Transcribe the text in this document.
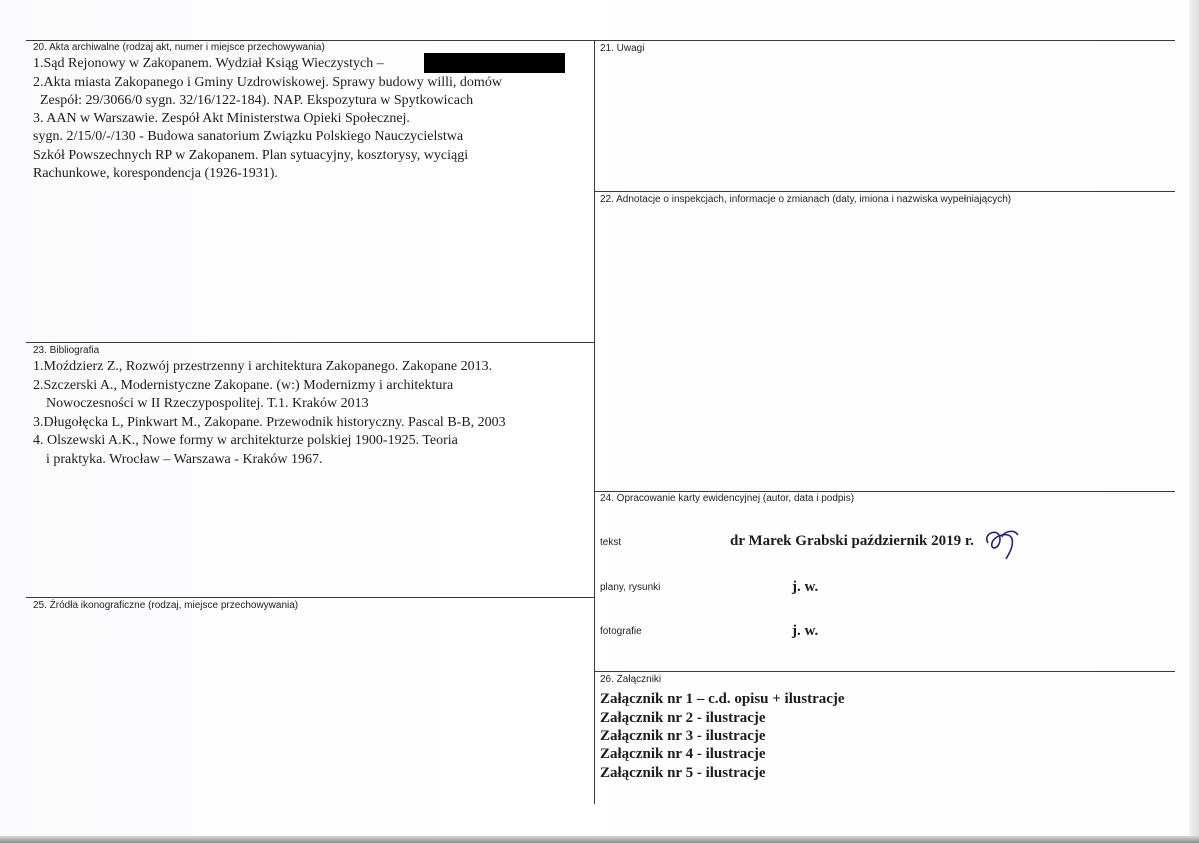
20. Akta archiwalne (rodzaj akt, numer i miejsce przechowywania)
1.Sąd Rejonowy w Zakopanem. Wydział Ksiąg Wieczystych –
2.Akta miasta Zakopanego i Gminy Uzdrowiskowej. Sprawy budowy willi, domów
Zespół: 29/3066/0 sygn. 32/16/122-184). NAP. Ekspozytura w Spytkowicach
3. AAN w Warszawie. Zespół Akt Ministerstwa Opieki Społecznej.
sygn. 2/15/0/-/130 - Budowa sanatorium Związku Polskiego Nauczycielstwa
Szkół Powszechnych RP w Zakopanem. Plan sytuacyjny, kosztorysy, wyciągi
Rachunkowe, korespondencja (1926-1931).
21. Uwagi
22. Adnotacje o inspekcjach, informacje o zmianach (daty, imiona i nazwiska wypełniających)
23. Bibliografia
1.Moździerz Z., Rozwój przestrzenny i architektura Zakopanego. Zakopane 2013.
2.Szczerski A., Modernistyczne Zakopane. (w:) Modernizmy i architektura
Nowoczesności w II Rzeczypospolitej. T.1. Kraków 2013
3.Długołęcka L, Pinkwart M., Zakopane. Przewodnik historyczny. Pascal B-B, 2003
4. Olszewski A.K., Nowe formy w architekturze polskiej 1900-1925. Teoria
i praktyka. Wrocław – Warszawa - Kraków 1967.
24. Opracowanie karty ewidencyjnej (autor, data i podpis)
tekst	dr Marek Grabski październik 2019 r.
plany, rysunki	j. w.
fotografie	j. w.
25. Źródła ikonograficzne (rodzaj, miejsce przechowywania)
26. Załączniki
Załącznik nr 1 – c.d. opisu + ilustracje
Załącznik nr 2 - ilustracje
Załącznik nr 3 - ilustracje
Załącznik nr 4 - ilustracje
Załącznik nr 5 - ilustracje
